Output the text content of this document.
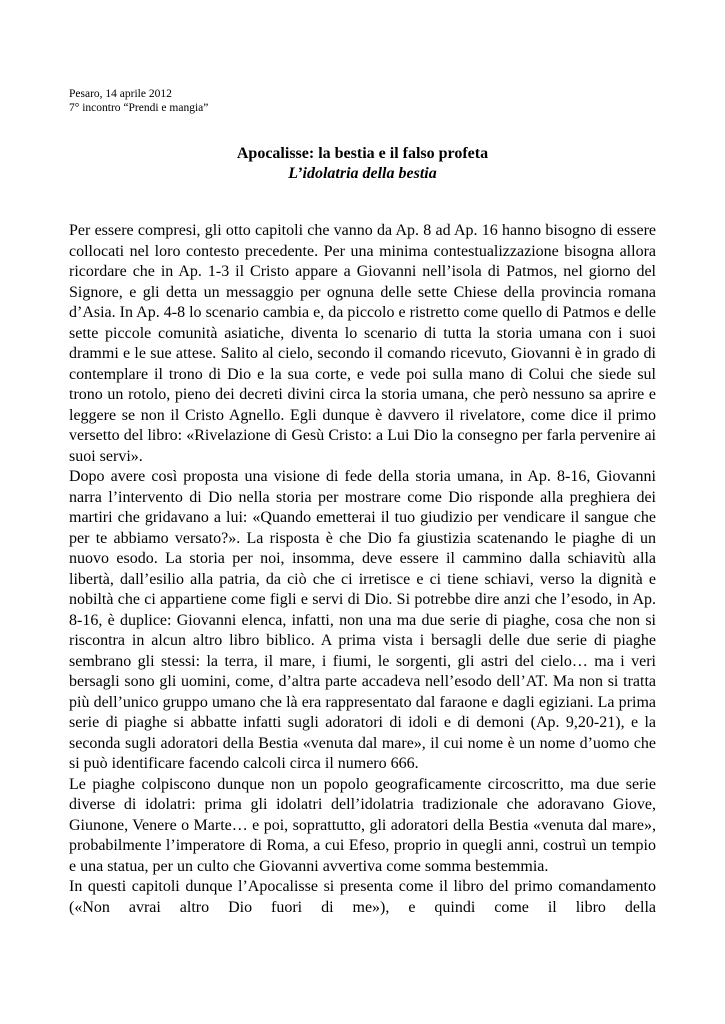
Pesaro, 14 aprile 2012
7° incontro “Prendi e mangia”
Apocalisse: la bestia e il falso profeta
L’idolatria della bestia

Per essere compresi, gli otto capitoli che vanno da Ap. 8 ad Ap. 16 hanno bisogno di essere collocati nel loro contesto precedente. Per una minima contestualizzazione bisogna allora ricordare che in Ap. 1-3 il Cristo appare a Giovanni nell’isola di Patmos, nel giorno del Signore, e gli detta un messaggio per ognuna delle sette Chiese della provincia romana d’Asia. In Ap. 4-8 lo scenario cambia e, da piccolo e ristretto come quello di Patmos e delle sette piccole comunità asiatiche, diventa lo scenario di tutta la storia umana con i suoi drammi e le sue attese. Salito al cielo, secondo il comando ricevuto, Giovanni è in grado di contemplare il trono di Dio e la sua corte, e vede poi sulla mano di Colui che siede sul trono un rotolo, pieno dei decreti divini circa la storia umana, che però nessuno sa aprire e leggere se non il Cristo Agnello. Egli dunque è davvero il rivelatore, come dice il primo versetto del libro: «Rivelazione di Gesù Cristo: a Lui Dio la consegno per farla pervenire ai suoi servi».

Dopo avere così proposta una visione di fede della storia umana, in Ap. 8-16, Giovanni narra l’intervento di Dio nella storia per mostrare come Dio risponde alla preghiera dei martiri che gridavano a lui: «Quando emetterai il tuo giudizio per vendicare il sangue che per te abbiamo versato?». La risposta è che Dio fa giustizia scatenando le piaghe di un nuovo esodo. La storia per noi, insomma, deve essere il cammino dalla schiavitù alla libertà, dall’esilio alla patria, da ciò che ci irretisce e ci tiene schiavi, verso la dignità e nobiltà che ci appartiene come figli e servi di Dio. Si potrebbe dire anzi che l’esodo, in Ap. 8-16, è duplice: Giovanni elenca, infatti, non una ma due serie di piaghe, cosa che non si riscontra in alcun altro libro biblico. A prima vista i bersagli delle due serie di piaghe sembrano gli stessi: la terra, il mare, i fiumi, le sorgenti, gli astri del cielo… ma i veri bersagli sono gli uomini, come, d’altra parte accadeva nell’esodo dell’AT. Ma non si tratta più dell’unico gruppo umano che là era rappresentato dal faraone e dagli egiziani. La prima serie di piaghe si abbatte infatti sugli adoratori di idoli e di demoni (Ap. 9,20-21), e la seconda sugli adoratori della Bestia «venuta dal mare», il cui nome è un nome d’uomo che si può identificare facendo calcoli circa il numero 666.

Le piaghe colpiscono dunque non un popolo geograficamente circoscritto, ma due serie diverse di idolatri: prima gli idolatri dell’idolatria tradizionale che adoravano Giove, Giunone, Venere o Marte… e poi, soprattutto, gli adoratori della Bestia «venuta dal mare», probabilmente l’imperatore di Roma, a cui Efeso, proprio in quegli anni, costruì un tempio e una statua, per un culto che Giovanni avvertiva come somma bestemmia.

In questi capitoli dunque l’Apocalisse si presenta come il libro del primo comandamento («Non avrai altro Dio fuori di me»), e quindi come il libro della
